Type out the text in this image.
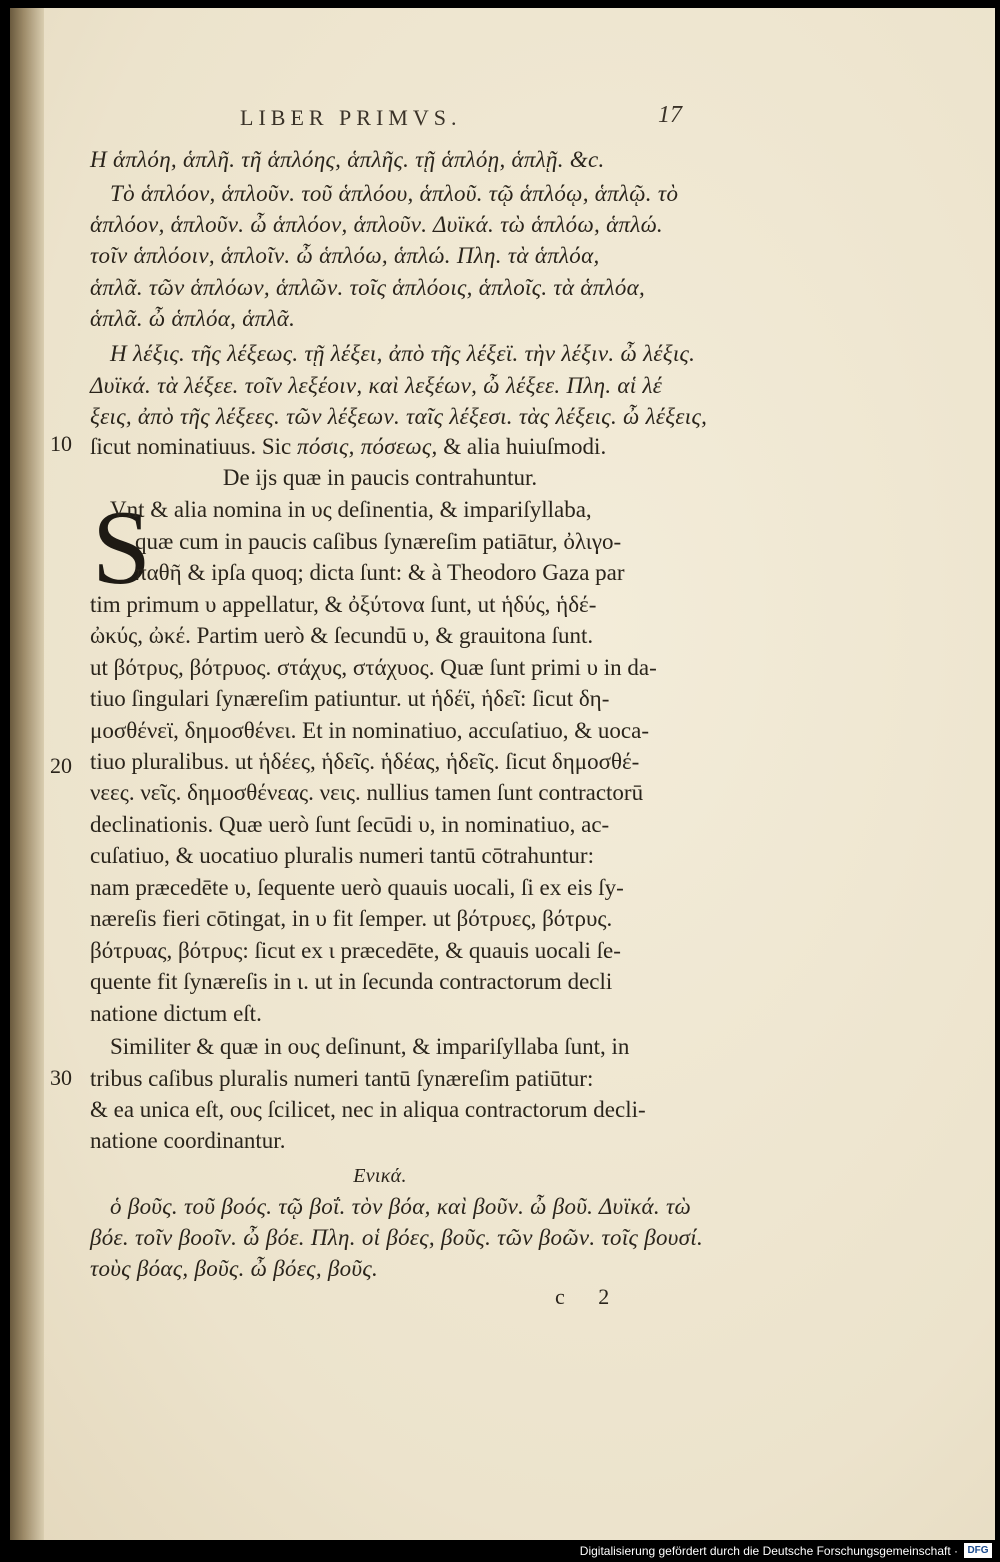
LIBER PRIMVS.	17
10
20
30
Η ἁπλόη, ἁπλῆ. τῆ ἁπλόης, ἁπλῆς. τῇ ἁπλόῃ, ἁπλῇ. &c.
Τὸ ἁπλόον, ἁπλοῦν. τοῦ ἁπλόου, ἁπλοῦ. τῷ ἁπλόῳ, ἁπλῷ. τὸ
ἁπλόον, ἁπλοῦν. ὦ ἁπλόον, ἁπλοῦν. Δυϊκά. τὼ ἁπλόω, ἁπλώ.
τοῖν ἁπλόοιν, ἁπλοῖν. ὦ ἁπλόω, ἁπλώ. Πλη. τὰ ἁπλόα,
ἁπλᾶ. τῶν ἁπλόων, ἁπλῶν. τοῖς ἁπλόοις, ἁπλοῖς. τὰ ἁπλόα,
ἁπλᾶ. ὦ ἁπλόα, ἁπλᾶ.
Η λέξις. τῆς λέξεως. τῇ λέξει, ἀπὸ τῆς λέξεϊ. τὴν λέξιν. ὦ λέξις.
Δυϊκά. τὰ λέξεε. τοῖν λεξέοιν, καὶ λεξέων, ὦ λέξεε. Πλη. αἱ λέ
ξεις, ἀπὸ τῆς λέξεες. τῶν λέξεων. ταῖς λέξεσι. τὰς λέξεις. ὦ λέξεις,
ſicut nominatiuus. Sic πόσις, πόσεως, & alia huiuſmodi.
De ijs quæ in paucis contrahuntur.
S
Vnt & alia nomina in υς deſinentia, & impariſyllaba,
quæ cum in paucis caſibus ſynæreſim patiātur, ὀλιγο-
παθῆ & ipſa quoq; dicta ſunt: & à Theodoro Gaza par
tim primum υ appellatur, & ὀξύτονα ſunt, ut ἡδύς, ἡδέ-
ὠκύς, ὠκέ. Partim uerò & ſecundū υ, & grauitona ſunt.
ut βότρυς, βότρυος. στάχυς, στάχυος. Quæ ſunt primi υ in da-
tiuo ſingulari ſynæreſim patiuntur. ut ἡδέϊ, ἡδεῖ: ſicut δη-
μοσθένεϊ, δημοσθένει. Et in nominatiuo, accuſatiuo, & uoca-
tiuo pluralibus. ut ἡδέες, ἡδεῖς. ἡδέας, ἡδεῖς. ſicut δημοσθέ-
νεες. νεῖς. δημοσθένεας. νεις. nullius tamen ſunt contractorū
declinationis. Quæ uerò ſunt ſecūdi υ, in nominatiuo, ac-
cuſatiuo, & uocatiuo pluralis numeri tantū cōtrahuntur:
nam præcedēte υ, ſequente uerò quauis uocali, ſi ex eis ſy-
næreſis fieri cōtingat, in υ fit ſemper. ut βότρυες, βότρυς.
βότρυας, βότρυς: ſicut ex ι præcedēte, & quauis uocali ſe-
quente fit ſynæreſis in ι. ut in ſecunda contractorum decli
natione dictum eſt.
Similiter & quæ in ους deſinunt, & impariſyllaba ſunt, in
tribus caſibus pluralis numeri tantū ſynæreſim patiūtur:
& ea unica eſt, ους ſcilicet, nec in aliqua contractorum decli-
natione coordinantur.
Ενικά.
ὁ βοῦς. τοῦ βοός. τῷ βοΐ. τὸν βόα, καὶ βοῦν. ὦ βοῦ. Δυϊκά. τὼ
βόε. τοῖν βοοῖν. ὦ βόε. Πλη. οἱ βόες, βοῦς. τῶν βοῶν. τοῖς βουσί.
τοὺς βόας, βοῦς. ὦ βόες, βοῦς.
c 2
Digitalisierung gefördert durch die Deutsche Forschungsgemeinschaft · DFG
